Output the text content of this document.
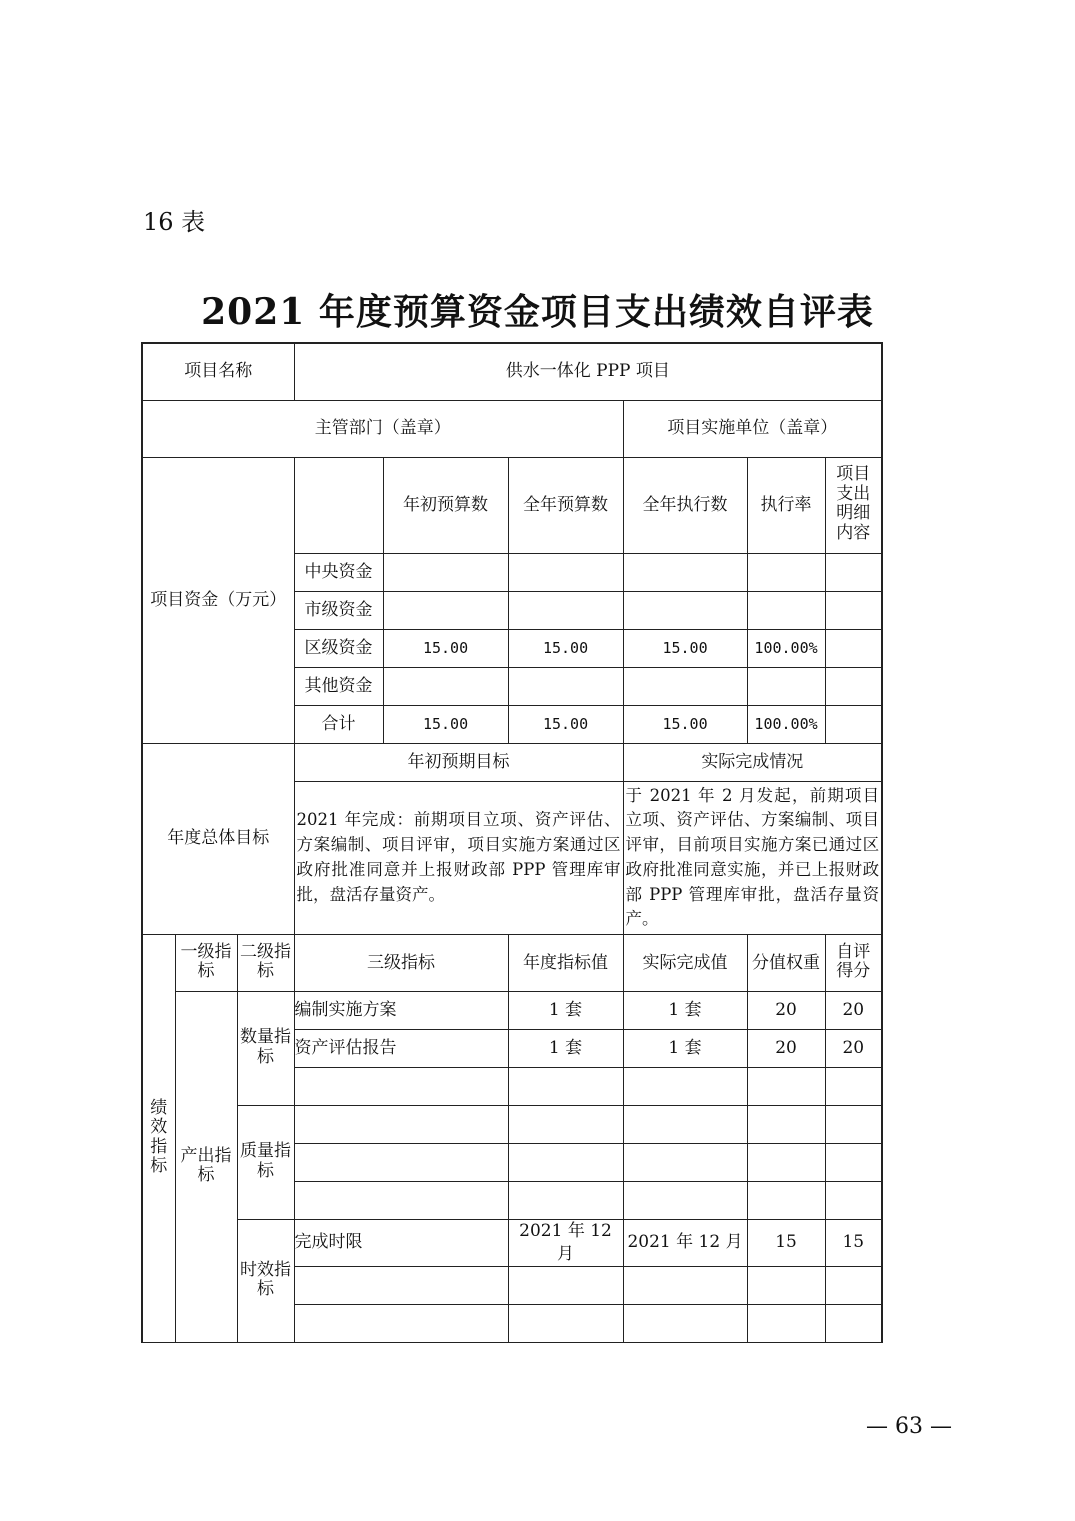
16 表
2021 年度预算资金项目支出绩效自评表
项目名称			供水一体化 PPP 项目					
主管部门（盖章）						项目实施单位（盖章）		
项目资金（万元）				年初预算数	全年预算数	全年执行数	执行率	项目支出明细内容
			中央资金					
			市级资金					
			区级资金	15.00	15.00	15.00	100.00%	
			其他资金					
			合计	15.00	15.00	15.00	100.00%	
年度总体目标			年初预期目标			实际完成情况		
			2021 年完成：前期项目立项、资产评估、方案编制、项目评审，项目实施方案通过区政府批准同意并上报财政部 PPP 管理库审批，盘活存量资产。			于 2021 年 2 月发起，前期项目立项、资产评估、方案编制、项目评审，目前项目实施方案已通过区政府批准同意实施，并已上报财政部 PPP 管理库审批，盘活存量资产。		
绩效指标	一级指标	二级指标	三级指标		年度指标值	实际完成值	分值权重	自评得分
	产出指标	数量指标	编制实施方案		1 套	1 套	20	20
			资产评估报告		1 套	1 套	20	20

		质量指标						

		时效指标	完成时限		2021 年 12 月	2021 年 12 月	15	15

— 63 —
